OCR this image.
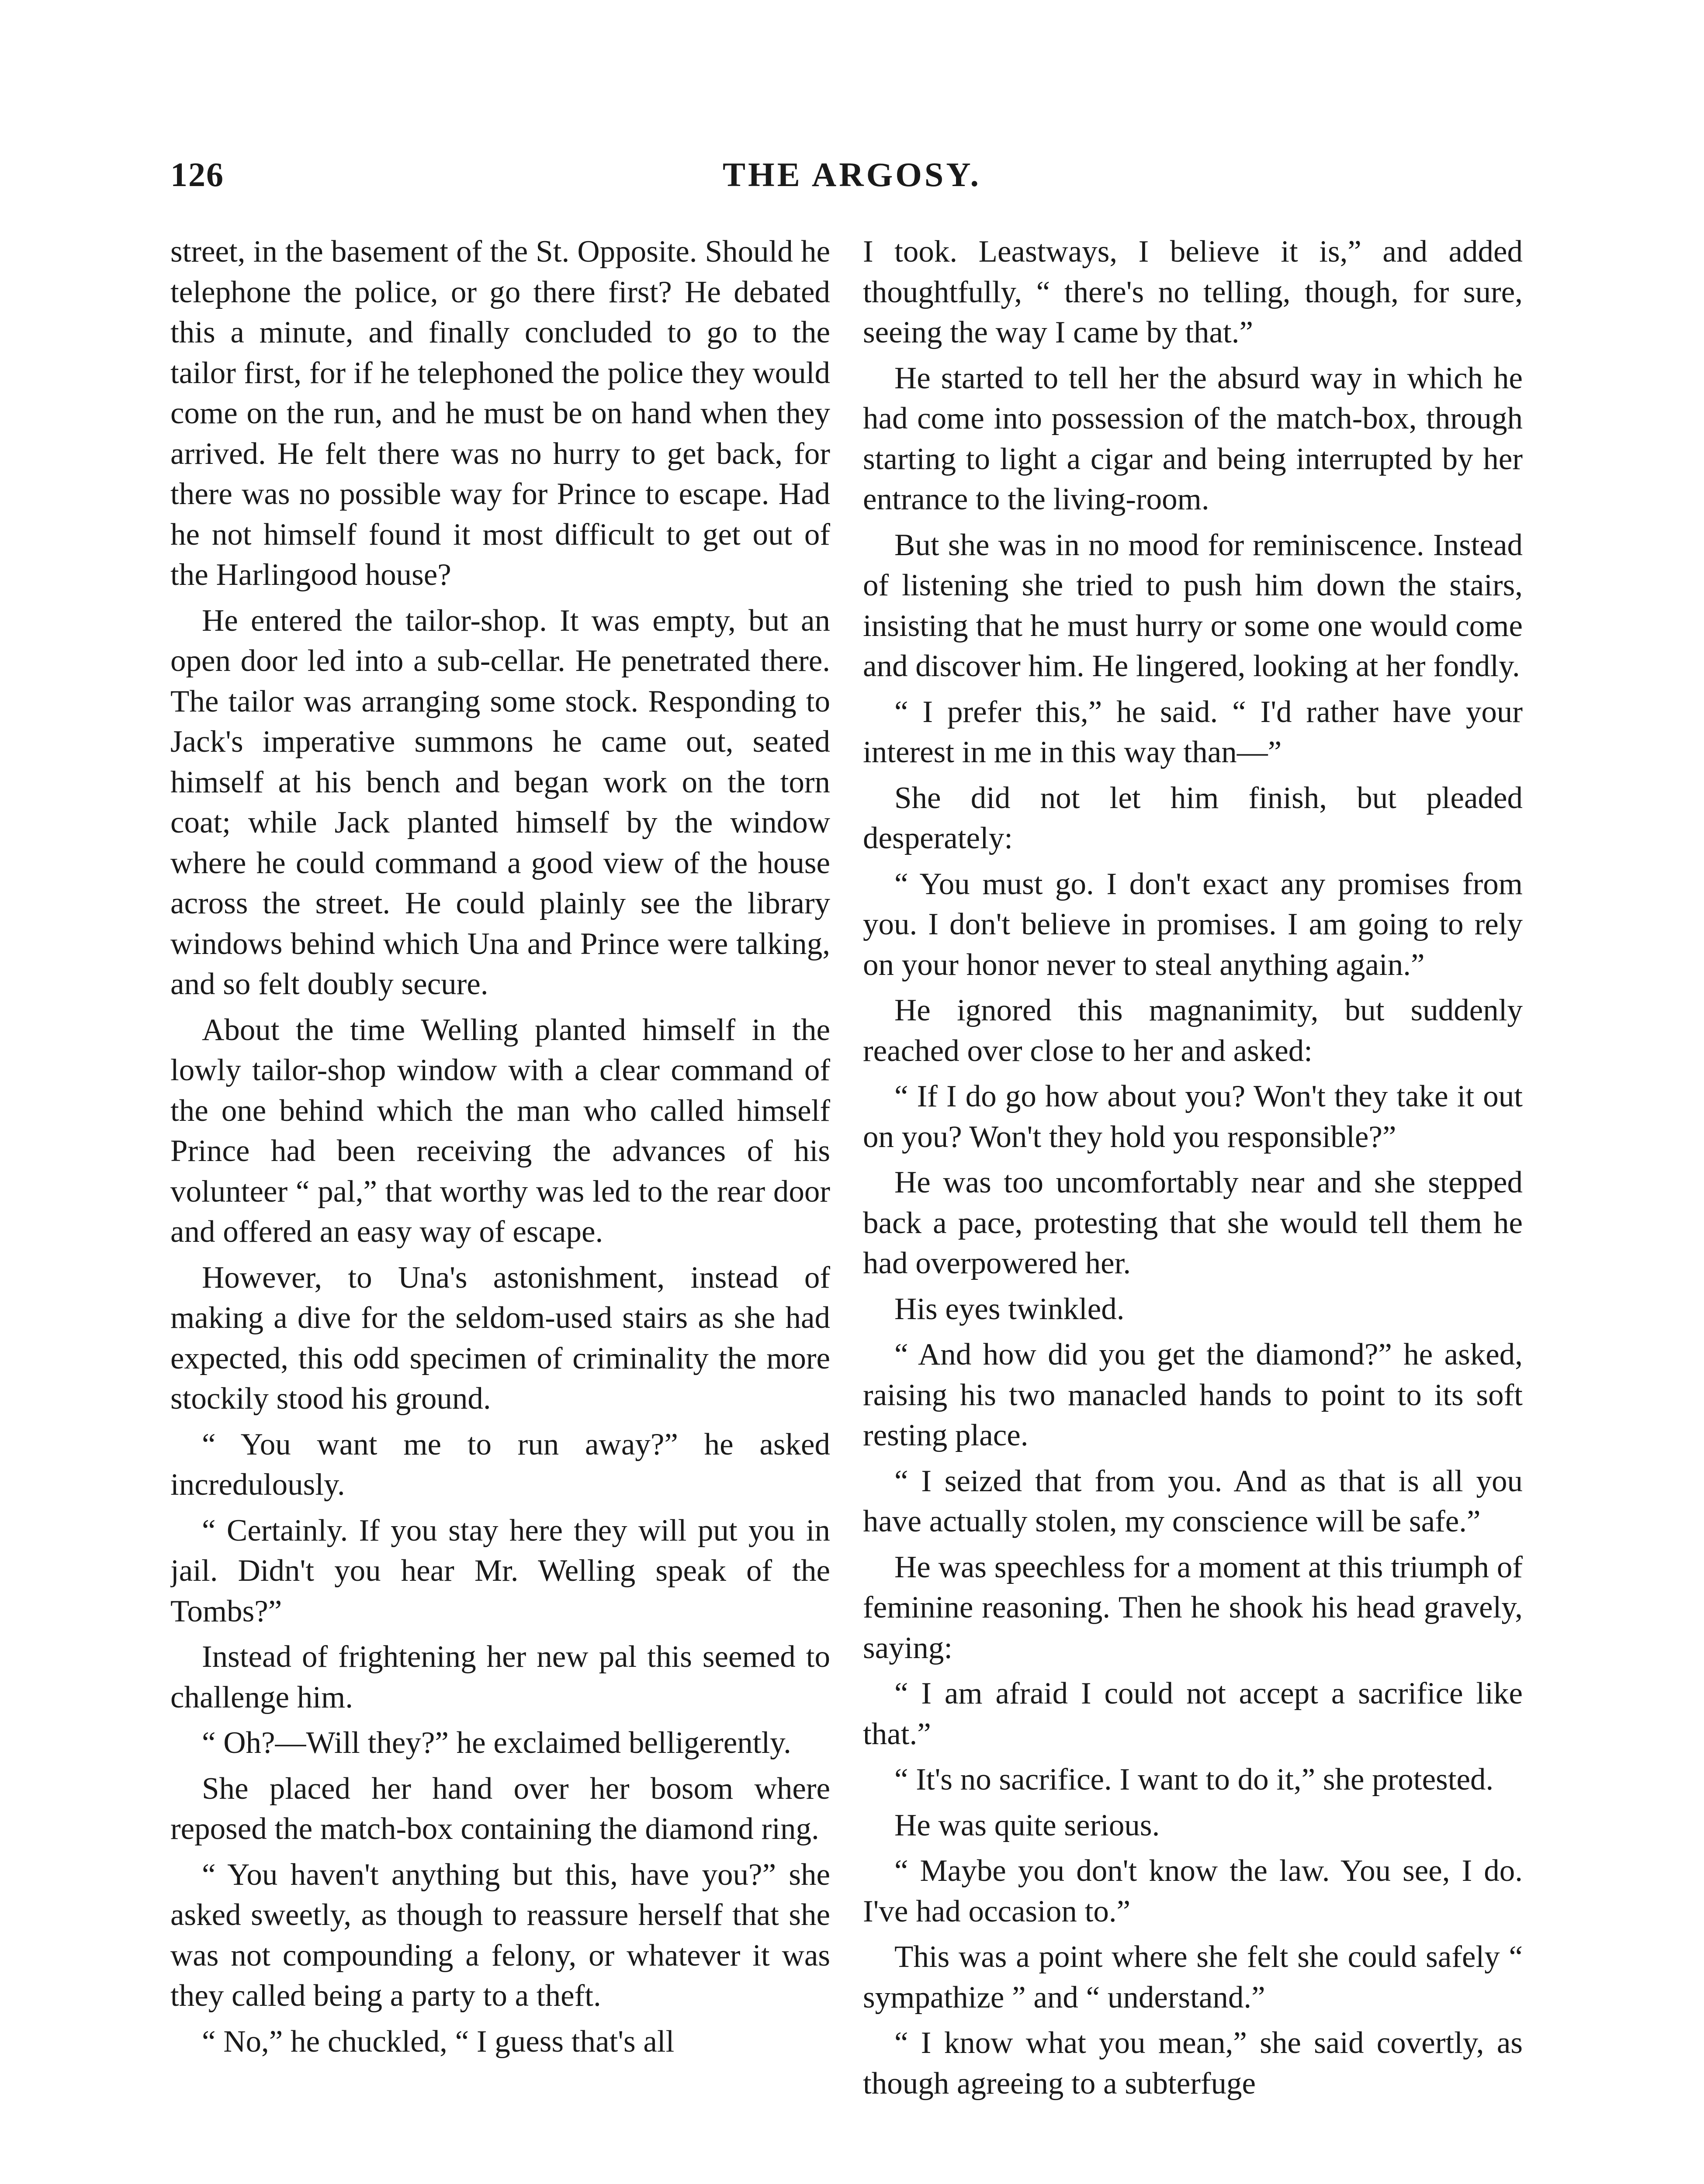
126	THE ARGOSY.

street, in the basement of the St. Opposite. Should he telephone the police, or go there first? He debated this a minute, and finally concluded to go to the tailor first, for if he telephoned the police they would come on the run, and he must be on hand when they arrived. He felt there was no hurry to get back, for there was no possible way for Prince to escape. Had he not himself found it most difficult to get out of the Harlingood house?

He entered the tailor-shop. It was empty, but an open door led into a sub-cellar. He penetrated there. The tailor was arranging some stock. Responding to Jack's imperative summons he came out, seated himself at his bench and began work on the torn coat; while Jack planted himself by the window where he could command a good view of the house across the street. He could plainly see the library windows behind which Una and Prince were talking, and so felt doubly secure.

About the time Welling planted himself in the lowly tailor-shop window with a clear command of the one behind which the man who called himself Prince had been receiving the advances of his volunteer “ pal,” that worthy was led to the rear door and offered an easy way of escape.

However, to Una's astonishment, instead of making a dive for the seldom-used stairs as she had expected, this odd specimen of criminality the more stockily stood his ground.

“ You want me to run away?” he asked incredulously.

“ Certainly. If you stay here they will put you in jail. Didn't you hear Mr. Welling speak of the Tombs?”

Instead of frightening her new pal this seemed to challenge him.

“ Oh?—Will they?” he exclaimed belligerently.

She placed her hand over her bosom where reposed the match-box containing the diamond ring.

“ You haven't anything but this, have you?” she asked sweetly, as though to reassure herself that she was not compounding a felony, or whatever it was they called being a party to a theft.

“ No,” he chuckled, “ I guess that's all

I took. Leastways, I believe it is,” and added thoughtfully, “ there's no telling, though, for sure, seeing the way I came by that.”

He started to tell her the absurd way in which he had come into possession of the match-box, through starting to light a cigar and being interrupted by her entrance to the living-room.

But she was in no mood for reminiscence. Instead of listening she tried to push him down the stairs, insisting that he must hurry or some one would come and discover him. He lingered, looking at her fondly.

“ I prefer this,” he said. “ I'd rather have your interest in me in this way than—”

She did not let him finish, but pleaded desperately:

“ You must go. I don't exact any promises from you. I don't believe in promises. I am going to rely on your honor never to steal anything again.”

He ignored this magnanimity, but suddenly reached over close to her and asked:

“ If I do go how about you? Won't they take it out on you? Won't they hold you responsible?”

He was too uncomfortably near and she stepped back a pace, protesting that she would tell them he had overpowered her.

His eyes twinkled.

“ And how did you get the diamond?” he asked, raising his two manacled hands to point to its soft resting place.

“ I seized that from you. And as that is all you have actually stolen, my conscience will be safe.”

He was speechless for a moment at this triumph of feminine reasoning. Then he shook his head gravely, saying:

“ I am afraid I could not accept a sacrifice like that.”

“ It's no sacrifice. I want to do it,” she protested.

He was quite serious.

“ Maybe you don't know the law. You see, I do. I've had occasion to.”

This was a point where she felt she could safely “ sympathize ” and “ understand.”

“ I know what you mean,” she said covertly, as though agreeing to a subterfuge
